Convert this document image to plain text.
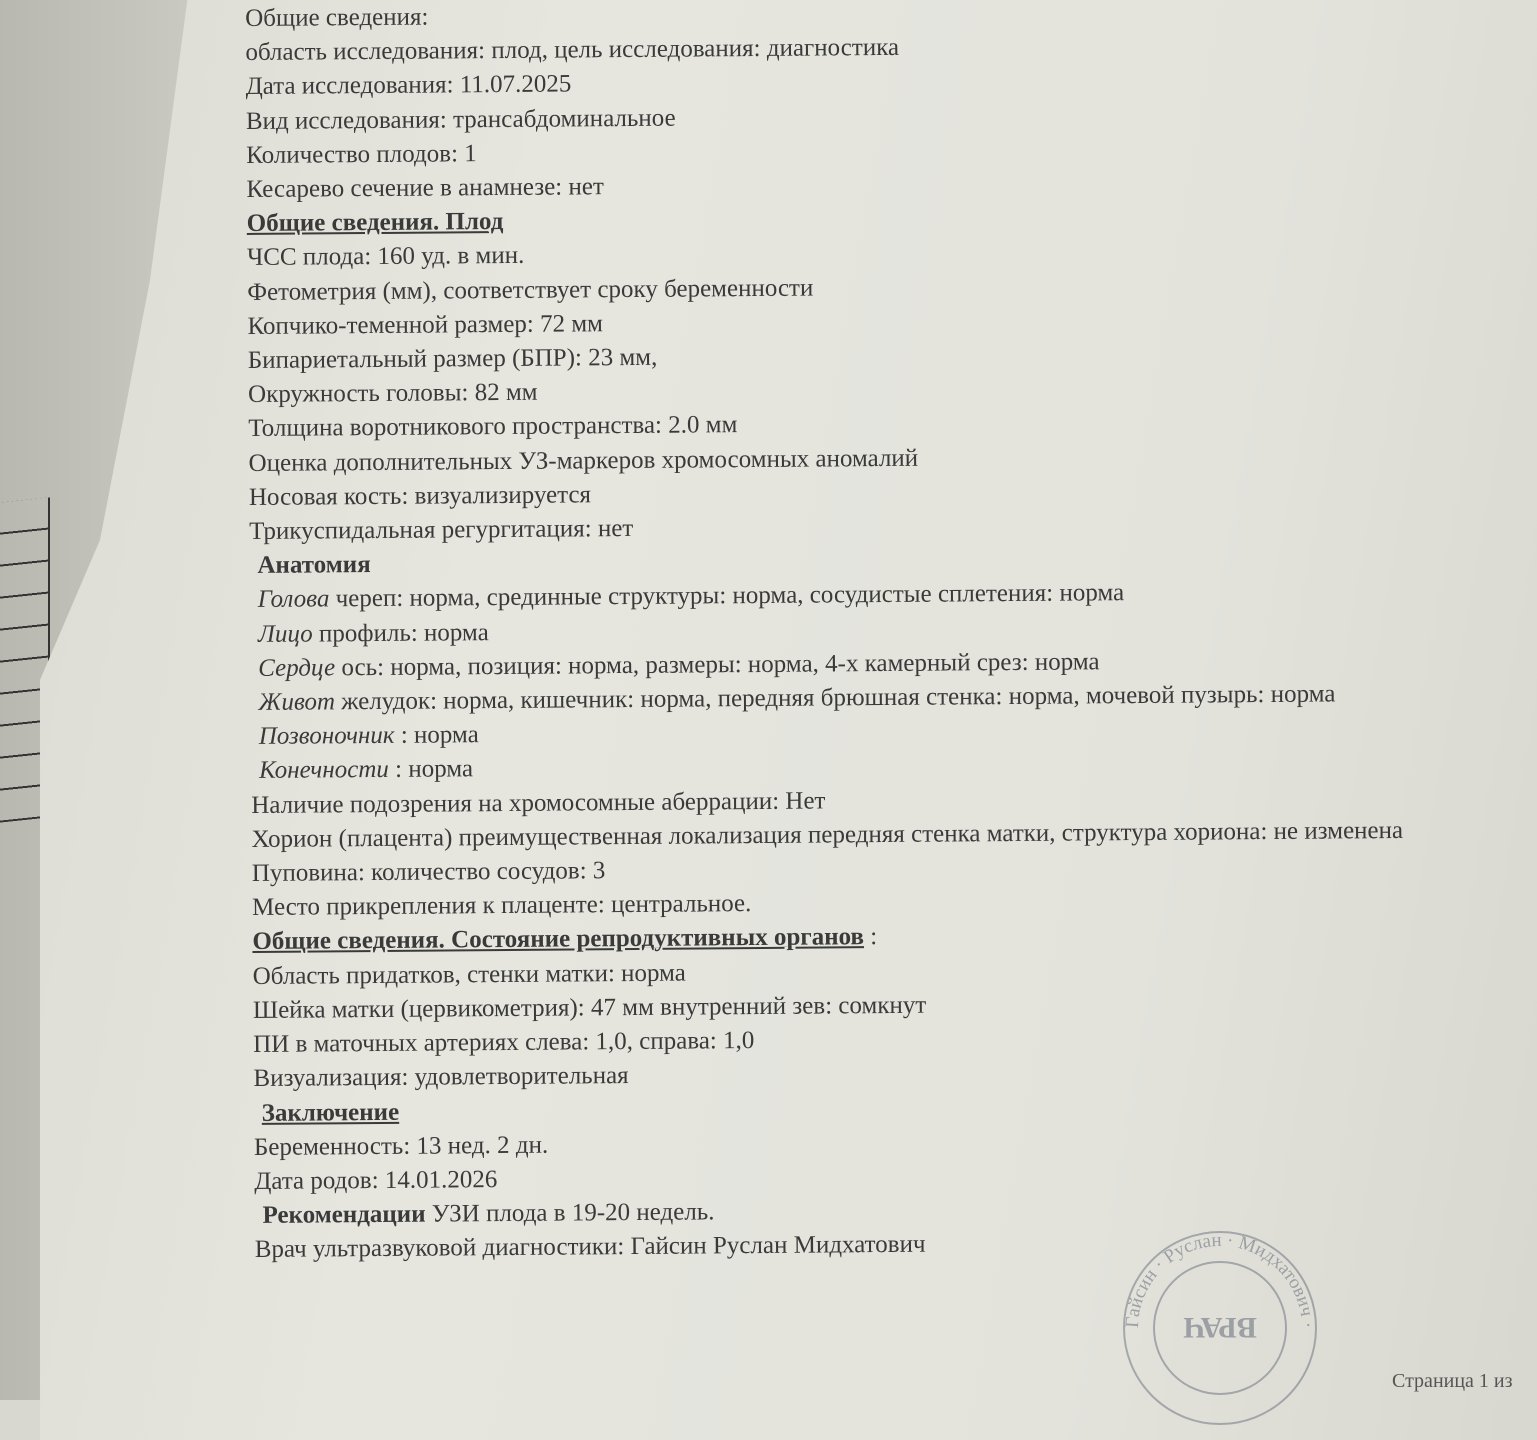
Общие сведения:
область исследования: плод, цель исследования: диагностика
Дата исследования: 11.07.2025
Вид исследования: трансабдоминальное
Количество плодов: 1
Кесарево сечение в анамнезе: нет
Общие сведения. Плод
ЧСС плода: 160 уд. в мин.
Фетометрия (мм), соответствует сроку беременности
Копчико-теменной размер: 72 мм
Бипариетальный размер (БПР): 23 мм,
Окружность головы: 82 мм
Толщина воротникового пространства: 2.0 мм
Оценка дополнительных УЗ-маркеров хромосомных аномалий
Носовая кость: визуализируется
Трикуспидальная регургитация: нет
Анатомия
Голова череп: норма, срединные структуры: норма, сосудистые сплетения: норма
Лицо профиль: норма
Сердце ось: норма, позиция: норма, размеры: норма, 4-х камерный срез: норма
Живот желудок: норма, кишечник: норма, передняя брюшная стенка: норма, мочевой пузырь: норма
Позвоночник : норма
Конечности : норма
Наличие подозрения на хромосомные аберрации: Нет
Хорион (плацента) преимущественная локализация передняя стенка матки, структура хориона: не изменена
Пуповина: количество сосудов: 3
Место прикрепления к плаценте: центральное.
Общие сведения. Состояние репродуктивных органов :
Область придатков, стенки матки: норма
Шейка матки (цервикометрия): 47 мм внутренний зев: сомкнут
ПИ в маточных артериях слева: 1,0, справа: 1,0
Визуализация: удовлетворительная
Заключение
Беременность: 13 нед. 2 дн.
Дата родов: 14.01.2026
Рекомендации УЗИ плода в 19-20 недель.
Врач ультразвуковой диагностики: Гайсин Руслан Мидхатович
Гайсин · Руслан · Мидхатович ·
ВРАЧ
Страница 1 из
